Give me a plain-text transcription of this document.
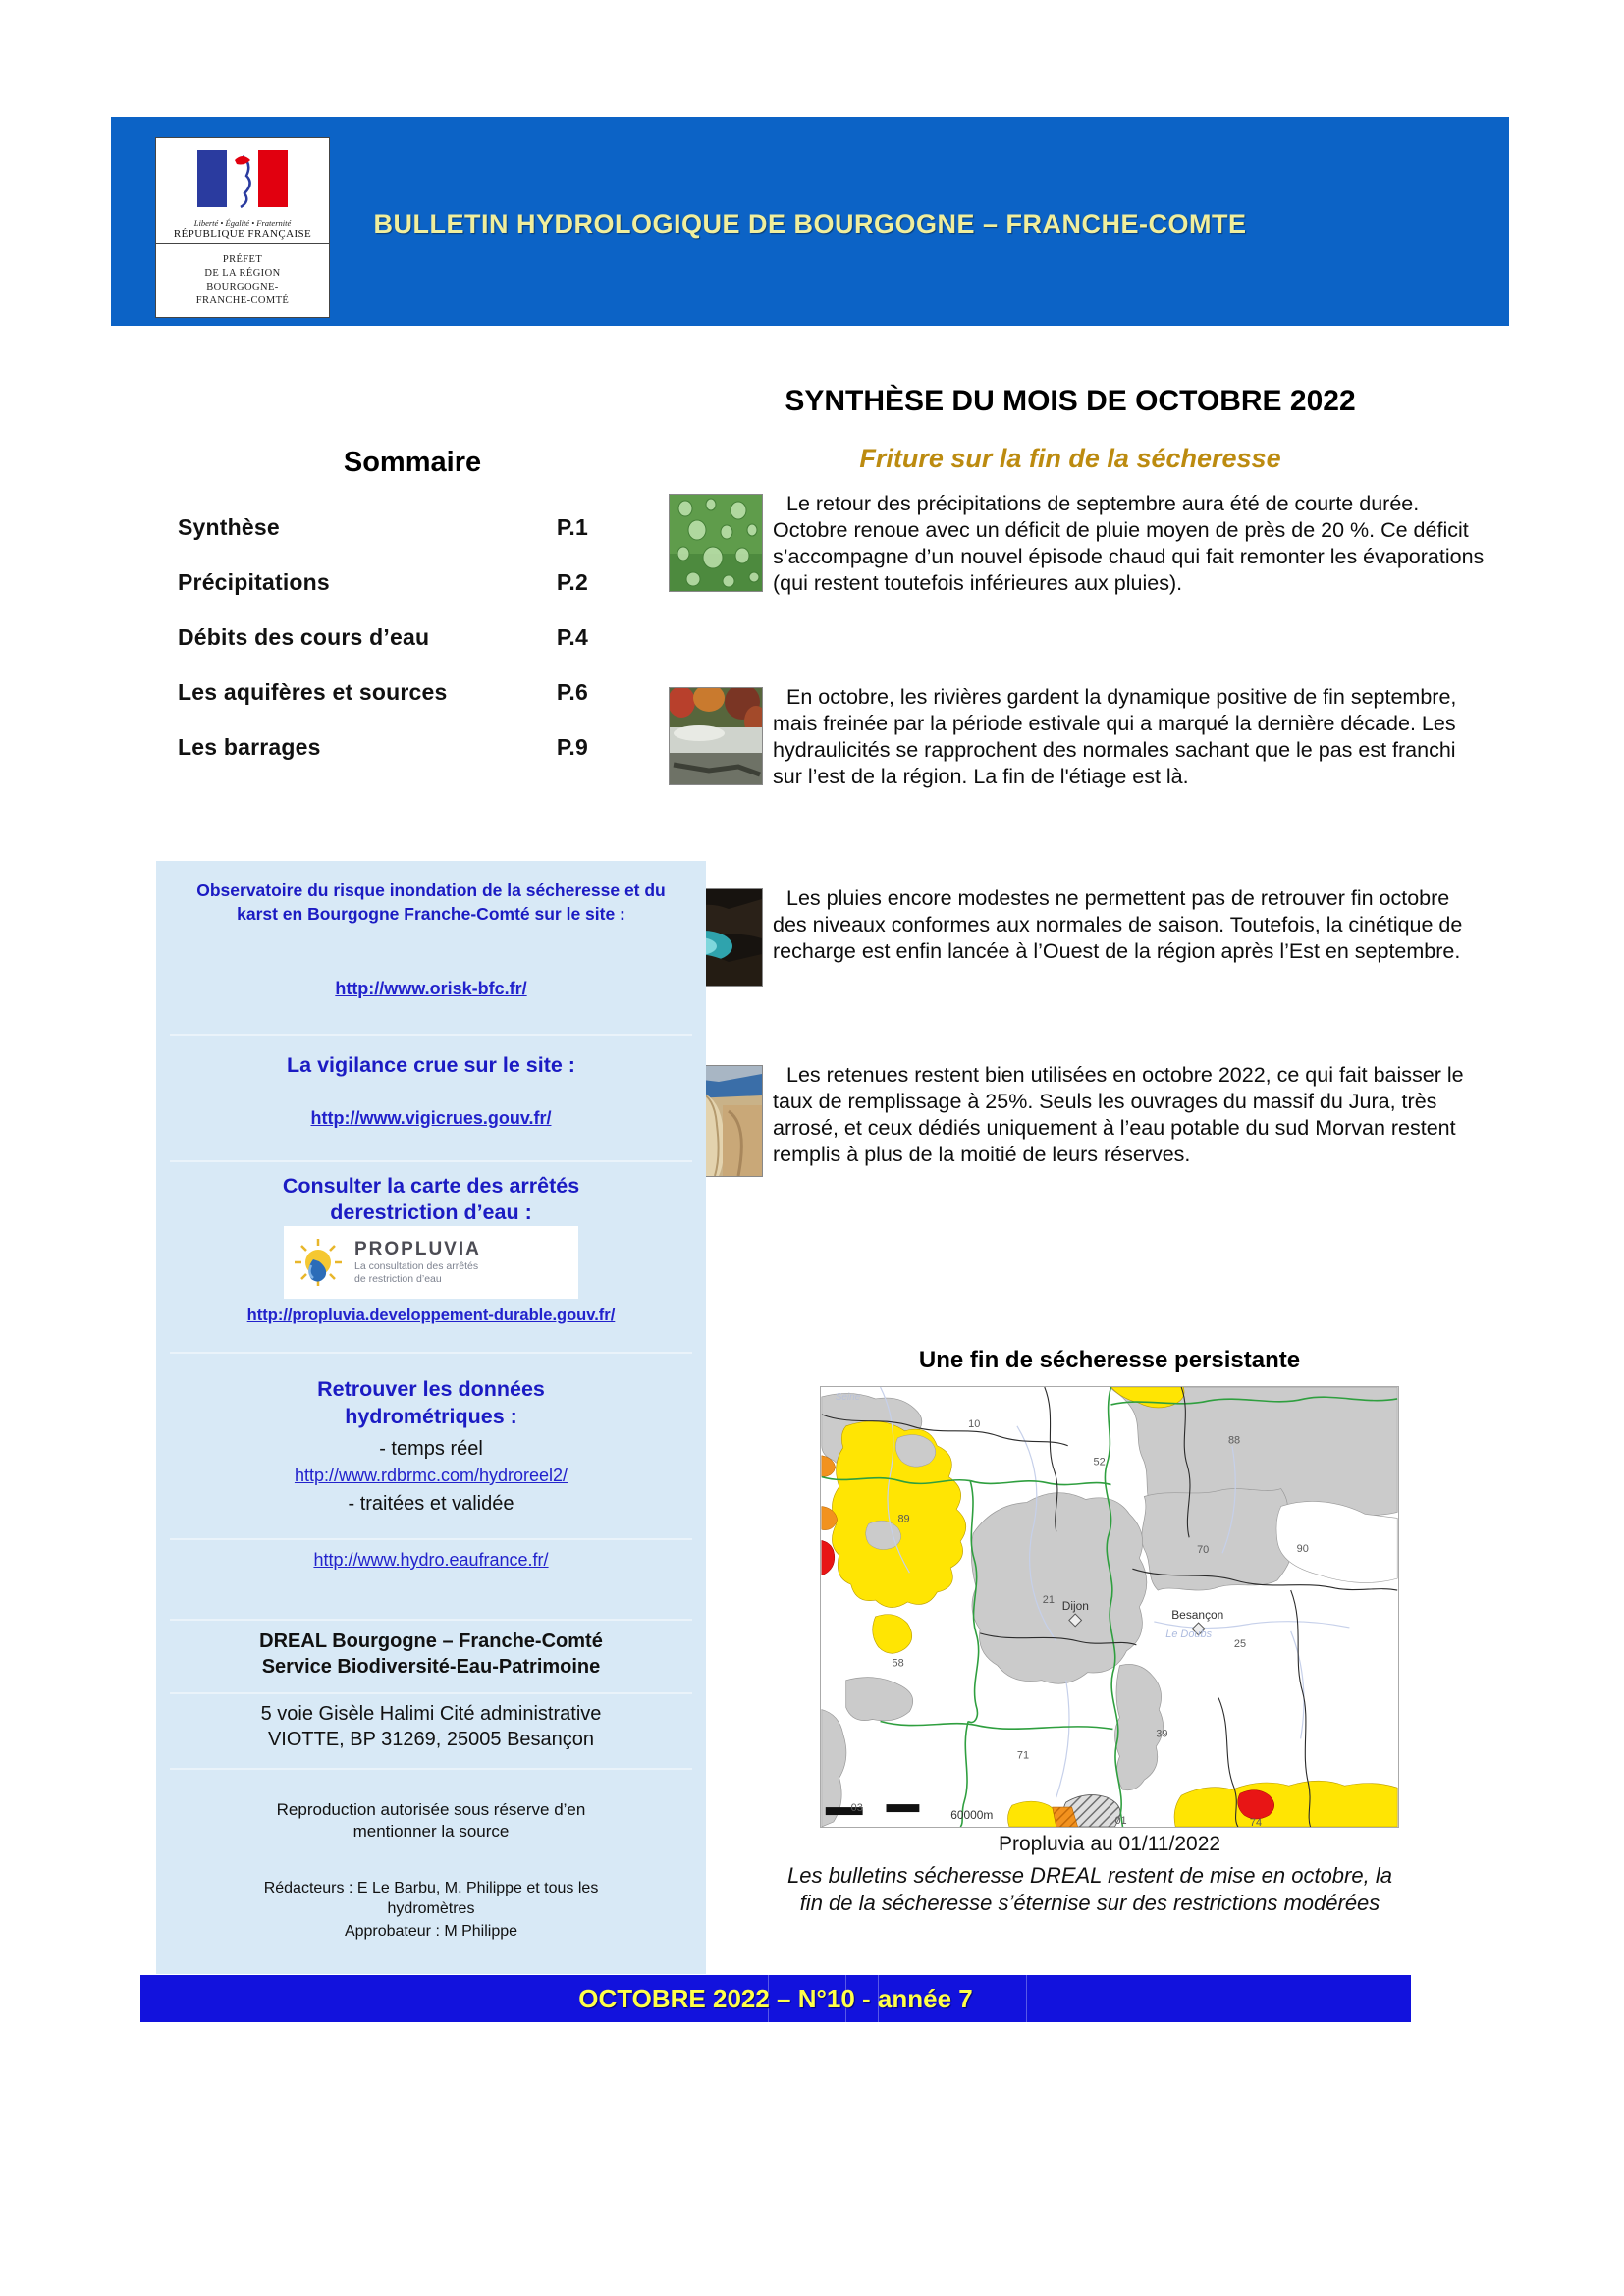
Liberté • Égalité • Fraternité
RÉPUBLIQUE FRANÇAISE
PRÉFET
DE LA RÉGION
BOURGOGNE-
FRANCHE-COMTÉ
BULLETIN HYDROLOGIQUE DE BOURGOGNE – FRANCHE-COMTE
SYNTHÈSE DU MOIS DE OCTOBRE 2022
Friture sur la fin de la sécheresse
Sommaire
Synthèse	P.1
Précipitations	P.2
Débits des cours d’eau	P.4
Les aquifères et sources	P.6
Les barrages	P.9
Le retour des précipitations de septembre aura été de courte durée. Octobre renoue avec un déficit de pluie moyen de près de 20 %. Ce déficit s’accompagne d’un nouvel épisode chaud qui fait remonter les évaporations (qui restent toutefois inférieures aux pluies).
En octobre, les rivières gardent la dynamique positive de fin septembre, mais freinée par la période estivale qui a marqué la dernière décade. Les hydraulicités se rapprochent des normales sachant que le pas est franchi sur l’est de la région. La fin de l'étiage est là.
Les pluies encore modestes ne permettent pas de retrouver fin octobre des niveaux conformes aux normales de saison. Toutefois, la cinétique de recharge est enfin lancée à l’Ouest de la région après l’Est en septembre.
Les retenues restent bien utilisées en octobre 2022, ce qui fait baisser le taux de remplissage à 25%. Seuls les ouvrages du massif du Jura, très arrosé, et ceux dédiés uniquement à l’eau potable du sud Morvan restent remplis à plus de la moitié de leurs réserves.
Observatoire du risque inondation de la sécheresse et du karst en Bourgogne Franche-Comté sur le site :
http://www.orisk-bfc.fr/
La vigilance crue sur le site :
http://www.vigicrues.gouv.fr/
Consulter la carte des arrêtés derestriction d’eau :
PROPLUVIA
La consultation des arrêtés
de restriction d’eau
http://propluvia.developpement-durable.gouv.fr/
Retrouver les données hydrométriques :
- temps réel
http://www.rdbrmc.com/hydroreel2/
- traitées et validée
http://www.hydro.eaufrance.fr/
DREAL Bourgogne – Franche-Comté
Service Biodiversité-Eau-Patrimoine
5 voie Gisèle Halimi Cité administrative
VIOTTE, BP 31269, 25005 Besançon
Reproduction autorisée sous réserve d’en
mentionner la source
Rédacteurs : E Le Barbu, M. Philippe et tous les
hydromètres
Approbateur : M Philippe
Une fin de sécheresse persistante
10
52
88
89
70	90
21
58
25
39
71
03
01	74
Dijon
Besançon
Le Doubs
Seine
60000m
Propluvia au 01/11/2022
Les bulletins sécheresse DREAL restent de mise en octobre, la
fin de la sécheresse s’éternise sur des restrictions modérées
OCTOBRE 2022 – N°10 - année 7
